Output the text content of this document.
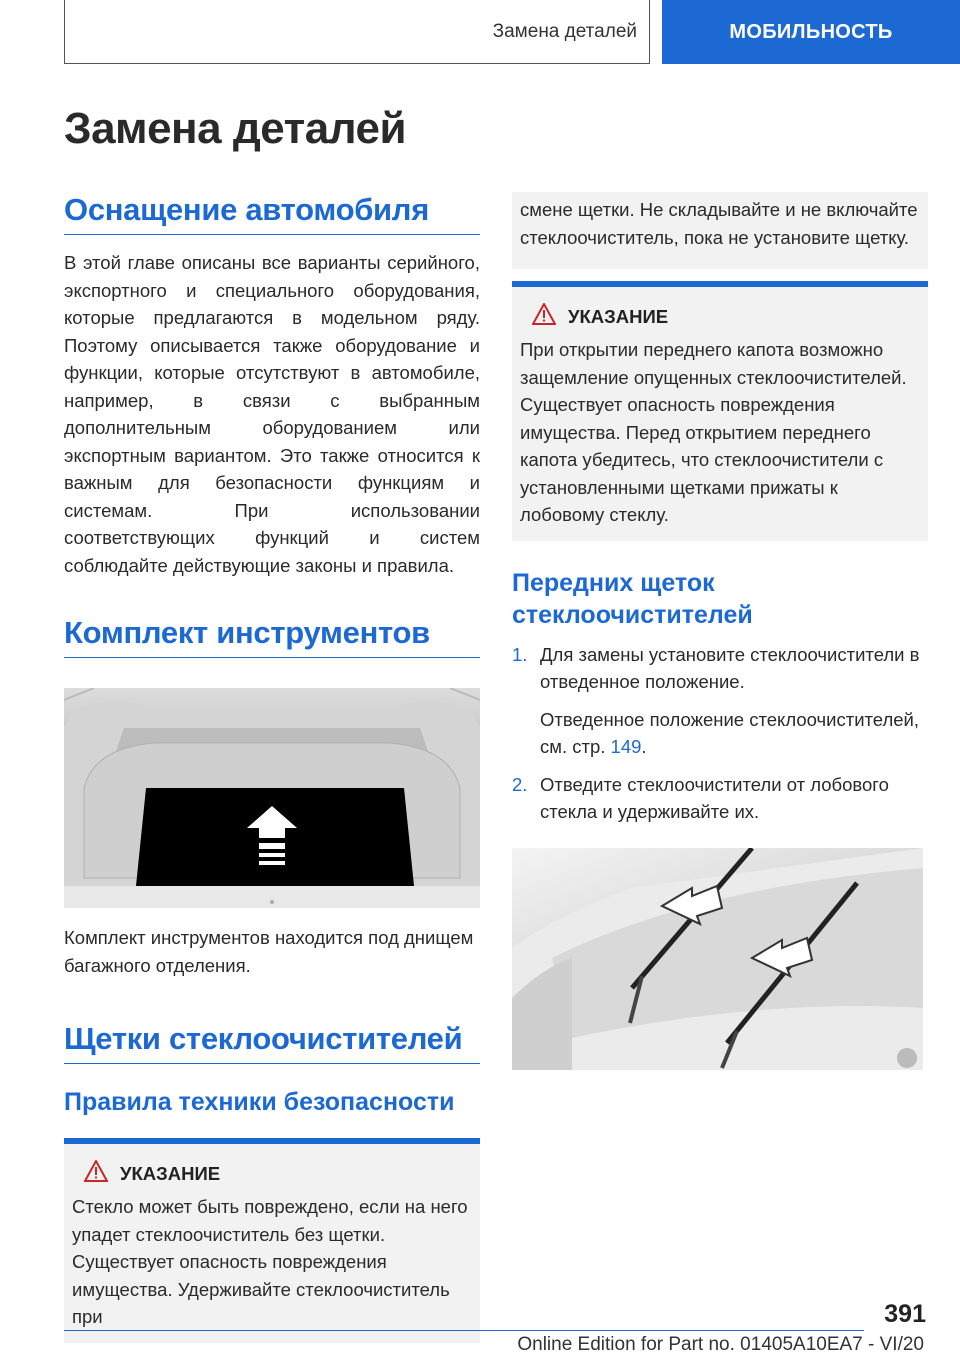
Замена деталей	МОБИЛЬНОСТЬ
Замена деталей
Оснащение автомобиля
В этой главе описаны все варианты серийного, экспортного и специального оборудования, которые предлагаются в модельном ряду. Поэтому описывается также оборудование и функции, которые отсутствуют в автомобиле, например, в связи с выбранным дополнительным оборудованием или экспортным вариантом. Это также относится к важным для безопасности функциям и системам. При использовании соответствующих функций и систем соблюдайте действующие законы и правила.
Комплект инструментов
Комплект инструментов находится под днищем багажного отделения.
Щетки стеклоочистителей
Правила техники безопасности
УКАЗАНИЕ
Стекло может быть повреждено, если на него упадет стеклоочиститель без щетки. Существует опасность повреждения имущества. Удерживайте стеклоочиститель при
смене щетки. Не складывайте и не включайте стеклоочиститель, пока не установите щетку.
УКАЗАНИЕ
При открытии переднего капота возможно защемление опущенных стеклоочистителей. Существует опасность повреждения имущества. Перед открытием переднего капота убедитесь, что стеклоочистители с установленными щетками прижаты к лобовому стеклу.
Передних щеток стеклоочистителей
1. Для замены установите стеклоочистители в отведенное положение.
Отведенное положение стеклоочистителей, см. стр. 149.
2. Отведите стеклоочистители от лобового стекла и удерживайте их.
391
Online Edition for Part no. 01405A10EA7 - VI/20
